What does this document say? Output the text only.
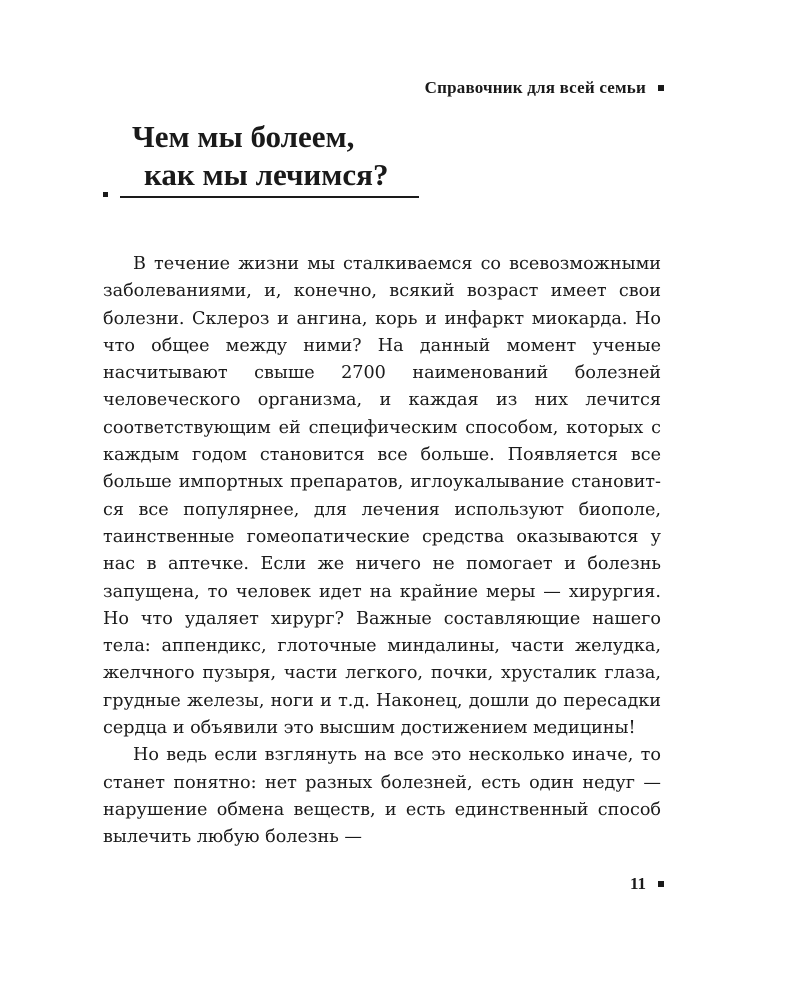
Справочник для всей семьи
Чем мы болеем,
как мы лечимся?

В течение жизни мы сталкиваемся со всевозможными заболеваниями, и, конечно, всякий возраст имеет свои болезни. Склероз и ангина, корь и инфаркт миокарда. Но что общее между ними? На данный момент ученые насчитывают свыше 2700 наименований болезней человеческого организма, и каждая из них лечится соответствующим ей специфическим способом, которых с каждым годом становится все больше. Появляется все больше импортных препаратов, иглоукалывание становится все популярнее, для лечения используют биополе, таинственные гомеопатические средства оказываются у нас в аптечке. Если же ничего не помогает и болезнь запущена, то человек идет на крайние меры — хирургия. Но что удаляет хирург? Важные составляющие нашего тела: аппендикс, глоточные миндалины, части желудка, желчного пузыря, части легкого, почки, хрусталик глаза, грудные железы, ноги и т.д. Наконец, дошли до пересадки сердца и объявили это высшим достижением медицины!

Но ведь если взглянуть на все это несколько иначе, то станет понятно: нет разных болезней, есть один недуг — нарушение обмена веществ, и есть единственный способ вылечить любую болезнь —

11
